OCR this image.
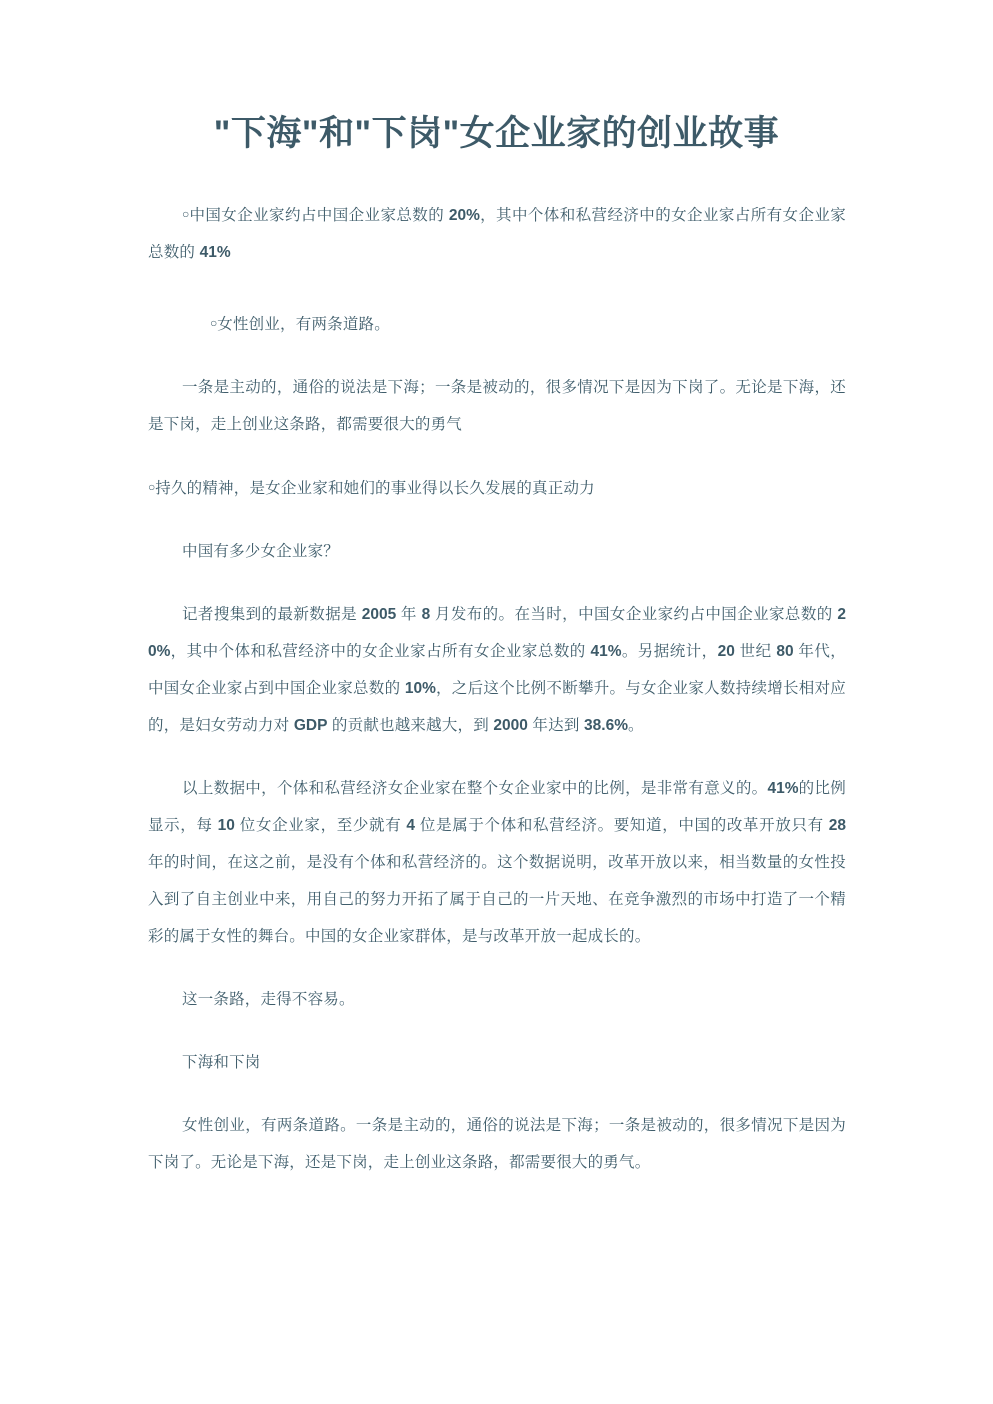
"下海"和"下岗"女企业家的创业故事

○中国女企业家约占中国企业家总数的 20%，其中个体和私营经济中的女企业家占所有女企业家总数的 41%

○女性创业，有两条道路。

一条是主动的，通俗的说法是下海；一条是被动的，很多情况下是因为下岗了。无论是下海，还是下岗，走上创业这条路，都需要很大的勇气

○持久的精神，是女企业家和她们的事业得以长久发展的真正动力

中国有多少女企业家？

记者搜集到的最新数据是 2005 年 8 月发布的。在当时，中国女企业家约占中国企业家总数的 20%，其中个体和私营经济中的女企业家占所有女企业家总数的 41%。另据统计，20 世纪 80 年代，中国女企业家占到中国企业家总数的 10%，之后这个比例不断攀升。与女企业家人数持续增长相对应的，是妇女劳动力对 GDP 的贡献也越来越大，到 2000 年达到 38.6%。

以上数据中，个体和私营经济女企业家在整个女企业家中的比例，是非常有意义的。41%的比例显示，每 10 位女企业家，至少就有 4 位是属于个体和私营经济。要知道，中国的改革开放只有 28 年的时间，在这之前，是没有个体和私营经济的。这个数据说明，改革开放以来，相当数量的女性投入到了自主创业中来，用自己的努力开拓了属于自己的一片天地、在竞争激烈的市场中打造了一个精彩的属于女性的舞台。中国的女企业家群体，是与改革开放一起成长的。

这一条路，走得不容易。

下海和下岗

女性创业，有两条道路。一条是主动的，通俗的说法是下海；一条是被动的，很多情况下是因为下岗了。无论是下海，还是下岗，走上创业这条路，都需要很大的勇气。
